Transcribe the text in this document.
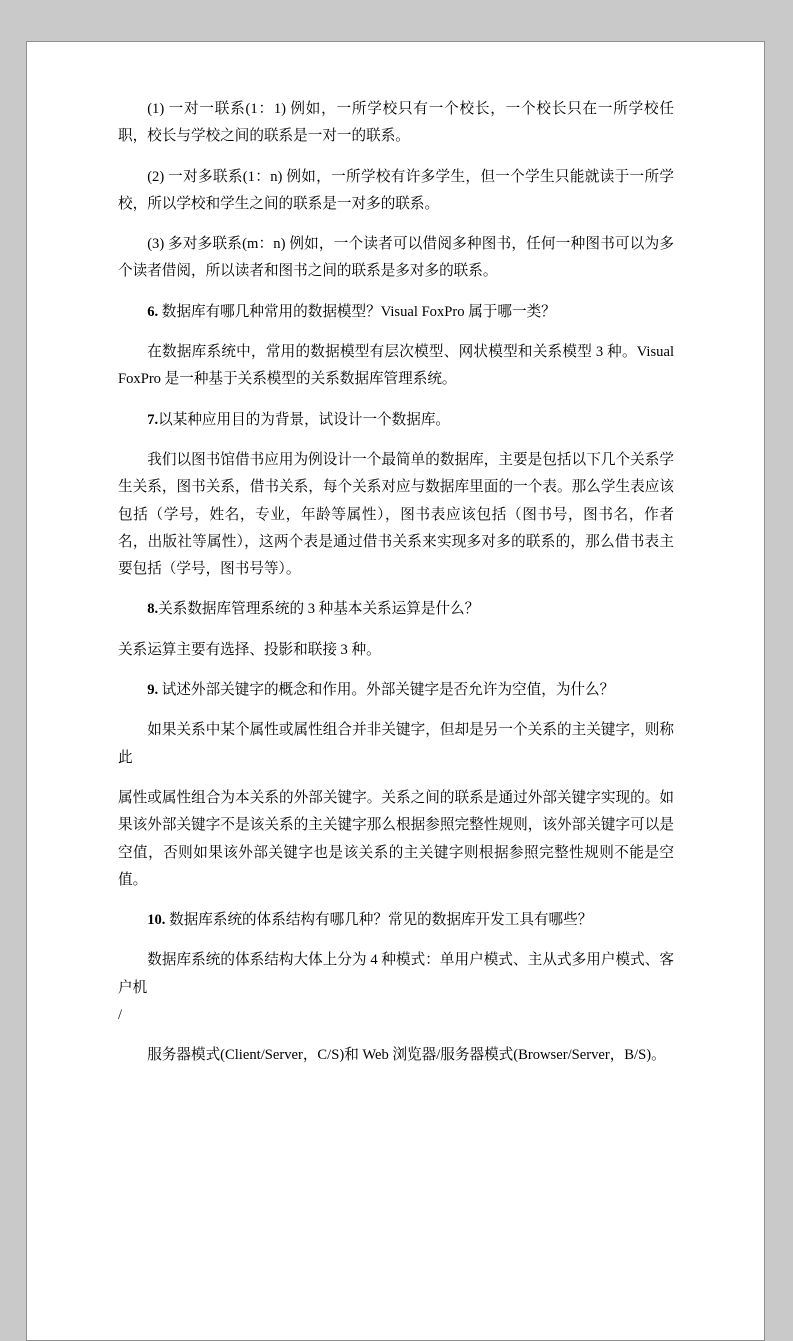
(1) 一对一联系(1：1) 例如，一所学校只有一个校长，一个校长只在一所学校任职，校长与学校之间的联系是一对一的联系。

(2) 一对多联系(1：n) 例如，一所学校有许多学生，但一个学生只能就读于一所学校，所以学校和学生之间的联系是一对多的联系。

(3) 多对多联系(m：n) 例如，一个读者可以借阅多种图书，任何一种图书可以为多个读者借阅，所以读者和图书之间的联系是多对多的联系。

6. 数据库有哪几种常用的数据模型？Visual FoxPro 属于哪一类？

在数据库系统中，常用的数据模型有层次模型、网状模型和关系模型 3 种。Visual FoxPro 是一种基于关系模型的关系数据库管理系统。

7.以某种应用目的为背景，试设计一个数据库。

我们以图书馆借书应用为例设计一个最简单的数据库，主要是包括以下几个关系学生关系，图书关系，借书关系，每个关系对应与数据库里面的一个表。那么学生表应该包括（学号，姓名，专业，年龄等属性），图书表应该包括（图书号，图书名，作者名，出版社等属性），这两个表是通过借书关系来实现多对多的联系的，那么借书表主要包括（学号，图书号等）。

8.关系数据库管理系统的 3 种基本关系运算是什么？

关系运算主要有选择、投影和联接 3 种。

9. 试述外部关键字的概念和作用。外部关键字是否允许为空值，为什么？

如果关系中某个属性或属性组合并非关键字，但却是另一个关系的主关键字，则称此

属性或属性组合为本关系的外部关键字。关系之间的联系是通过外部关键字实现的。如果该外部关键字不是该关系的主关键字那么根据参照完整性规则，该外部关键字可以是空值，否则如果该外部关键字也是该关系的主关键字则根据参照完整性规则不能是空值。

10. 数据库系统的体系结构有哪几种？常见的数据库开发工具有哪些？

数据库系统的体系结构大体上分为 4 种模式：单用户模式、主从式多用户模式、客户机
/

服务器模式(Client/Server，C/S)和 Web 浏览器/服务器模式(Browser/Server，B/S)。
